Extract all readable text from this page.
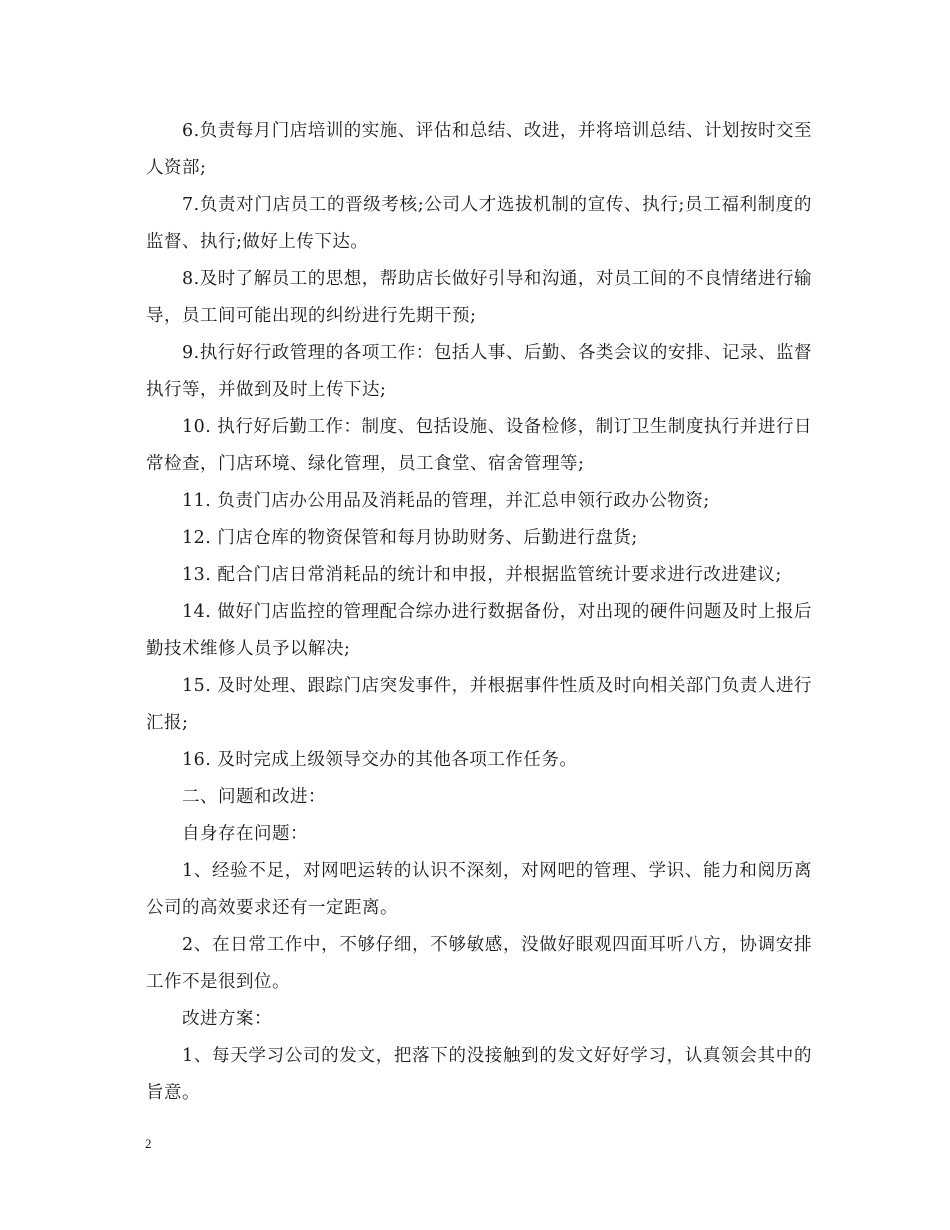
6.负责每月门店培训的实施、评估和总结、改进，并将培训总结、计划按时交至人资部;

7.负责对门店员工的晋级考核;公司人才选拔机制的宣传、执行;员工福利制度的监督、执行;做好上传下达。

8.及时了解员工的思想，帮助店长做好引导和沟通，对员工间的不良情绪进行输导，员工间可能出现的纠纷进行先期干预;

9.执行好行政管理的各项工作：包括人事、后勤、各类会议的安排、记录、监督执行等，并做到及时上传下达;

10. 执行好后勤工作：制度、包括设施、设备检修，制订卫生制度执行并进行日常检查，门店环境、绿化管理，员工食堂、宿舍管理等;

11. 负责门店办公用品及消耗品的管理，并汇总申领行政办公物资;

12. 门店仓库的物资保管和每月协助财务、后勤进行盘货;

13. 配合门店日常消耗品的统计和申报，并根据监管统计要求进行改进建议;

14. 做好门店监控的管理配合综办进行数据备份，对出现的硬件问题及时上报后勤技术维修人员予以解决;

15. 及时处理、跟踪门店突发事件，并根据事件性质及时向相关部门负责人进行汇报;

16. 及时完成上级领导交办的其他各项工作任务。

二、问题和改进：

自身存在问题：

1、经验不足，对网吧运转的认识不深刻，对网吧的管理、学识、能力和阅历离公司的高效要求还有一定距离。

2、在日常工作中，不够仔细，不够敏感，没做好眼观四面耳听八方，协调安排工作不是很到位。

改进方案：

1、每天学习公司的发文，把落下的没接触到的发文好好学习，认真领会其中的旨意。

2
